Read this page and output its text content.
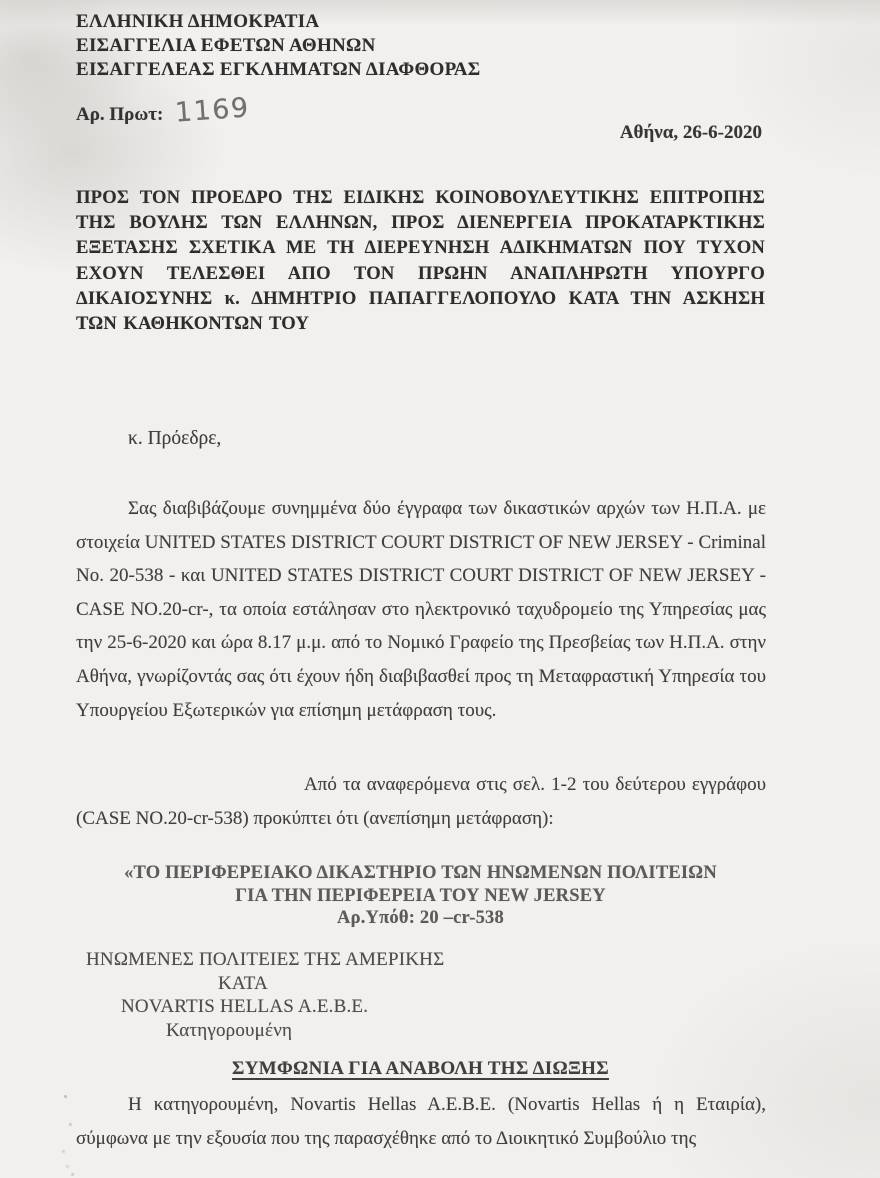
ΕΛΛΗΝΙΚΗ ΔΗΜΟΚΡΑΤΙΑ
ΕΙΣΑΓΓΕΛΙΑ ΕΦΕΤΩΝ ΑΘΗΝΩΝ
ΕΙΣΑΓΓΕΛΕΑΣ ΕΓΚΛΗΜΑΤΩΝ ΔΙΑΦΘΟΡΑΣ
Αρ. Πρωτ: 1169
Αθήνα, 26-6-2020
ΠΡΟΣ ΤΟΝ ΠΡΟΕΔΡΟ ΤΗΣ ΕΙΔΙΚΗΣ ΚΟΙΝΟΒΟΥΛΕΥΤΙΚΗΣ ΕΠΙΤΡΟΠΗΣ ΤΗΣ ΒΟΥΛΗΣ ΤΩΝ ΕΛΛΗΝΩΝ, ΠΡΟΣ ΔΙΕΝΕΡΓΕΙΑ ΠΡΟΚΑΤΑΡΚΤΙΚΗΣ ΕΞΕΤΑΣΗΣ ΣΧΕΤΙΚΑ ΜΕ ΤΗ ΔΙΕΡΕΥΝΗΣΗ ΑΔΙΚΗΜΑΤΩΝ ΠΟΥ ΤΥΧΟΝ ΕΧΟΥΝ ΤΕΛΕΣΘΕΙ ΑΠΟ ΤΟΝ ΠΡΩΗΝ ΑΝΑΠΛΗΡΩΤΗ ΥΠΟΥΡΓΟ ΔΙΚΑΙΟΣΥΝΗΣ κ. ΔΗΜΗΤΡΙΟ ΠΑΠΑΓΓΕΛΟΠΟΥΛΟ ΚΑΤΑ ΤΗΝ ΑΣΚΗΣΗ ΤΩΝ ΚΑΘΗΚΟΝΤΩΝ ΤΟΥ
κ. Πρόεδρε,
Σας διαβιβάζουμε συνημμένα δύο έγγραφα των δικαστικών αρχών των Η.Π.Α. με στοιχεία UNITED STATES DISTRICT COURT DISTRICT OF NEW JERSEY - Criminal No. 20-538 - και UNITED STATES DISTRICT COURT DISTRICT OF NEW JERSEY - CASE NO.20-cr-, τα οποία εστάλησαν στο ηλεκτρονικό ταχυδρομείο της Υπηρεσίας μας την 25-6-2020 και ώρα 8.17 μ.μ. από το Νομικό Γραφείο της Πρεσβείας των Η.Π.Α. στην Αθήνα, γνωρίζοντάς σας ότι έχουν ήδη διαβιβασθεί προς τη Μεταφραστική Υπηρεσία του Υπουργείου Εξωτερικών για επίσημη μετάφραση τους.
Από τα αναφερόμενα στις σελ. 1-2 του δεύτερου εγγράφου (CASE NO.20-cr-538) προκύπτει ότι (ανεπίσημη μετάφραση):
«ΤΟ ΠΕΡΙΦΕΡΕΙΑΚΟ ΔΙΚΑΣΤΗΡΙΟ ΤΩΝ ΗΝΩΜΕΝΩΝ ΠΟΛΙΤΕΙΩΝ
ΓΙΑ ΤΗΝ ΠΕΡΙΦΕΡΕΙΑ ΤΟΥ NEW JERSEY
Αρ.Υπόθ: 20 –cr-538
ΗΝΩΜΕΝΕΣ ΠΟΛΙΤΕΙΕΣ ΤΗΣ ΑΜΕΡΙΚΗΣ
ΚΑΤΑ
NOVARTIS HELLAS A.E.B.E.
Κατηγορουμένη
ΣΥΜΦΩΝΙΑ ΓΙΑ ΑΝΑΒΟΛΗ ΤΗΣ ΔΙΩΞΗΣ
Η κατηγορουμένη, Novartis Hellas A.E.B.E. (Novartis Hellas ή η Εταιρία), σύμφωνα με την εξουσία που της παρασχέθηκε από το Διοικητικό Συμβούλιο της
